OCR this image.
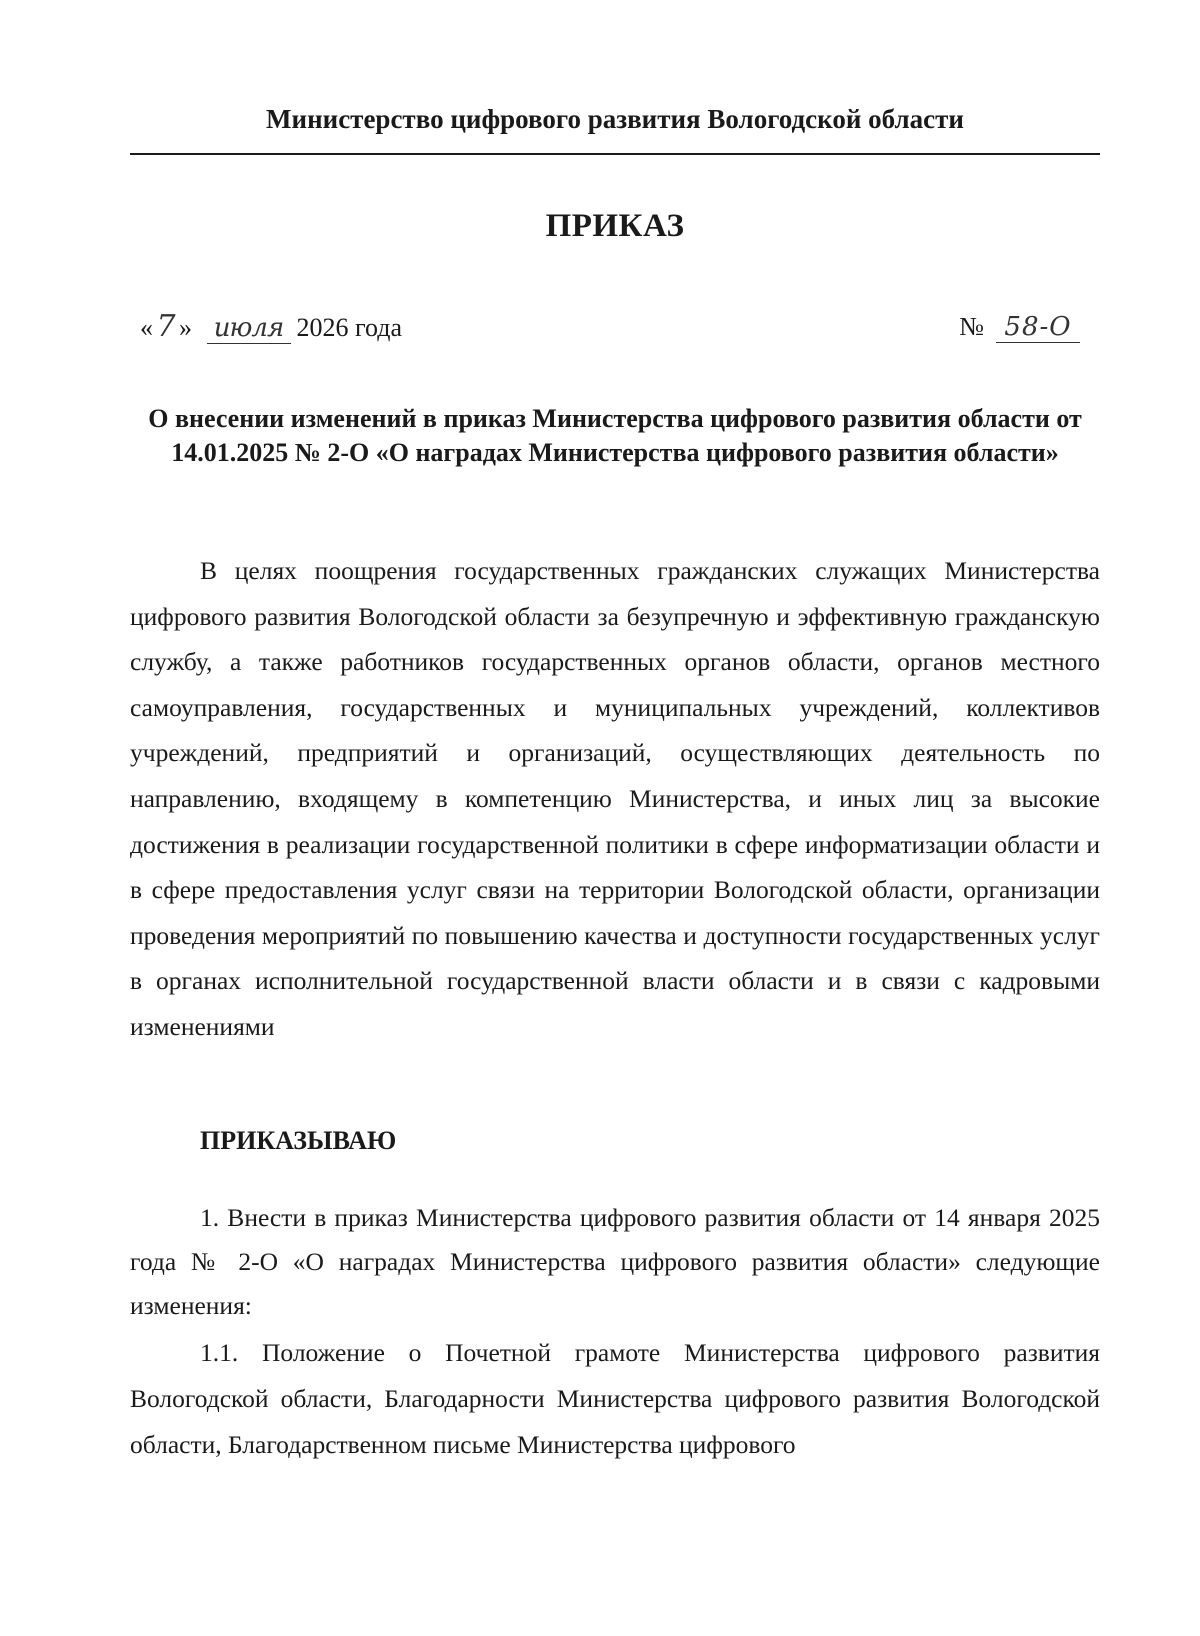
Министерство цифрового развития Вологодской области
ПРИКАЗ
« 7 » июля 2026 года	№ 58-О
О внесении изменений в приказ Министерства цифрового развития области от 14.01.2025 № 2-О «О наградах Министерства цифрового развития области»

В целях поощрения государственных гражданских служащих Министерства цифрового развития Вологодской области за безупречную и эффективную гражданскую службу, а также работников государственных органов области, органов местного самоуправления, государственных и муниципальных учреждений, коллективов учреждений, предприятий и организаций, осуществляющих деятельность по направлению, входящему в компетенцию Министерства, и иных лиц за высокие достижения в реализации государственной политики в сфере информатизации области и в сфере предоставления услуг связи на территории Вологодской области, организации проведения мероприятий по повышению качества и доступности государственных услуг в органах исполнительной государственной власти области и в связи с кадровыми изменениями

ПРИКАЗЫВАЮ

1. Внести в приказ Министерства цифрового развития области от 14 января 2025 года № 2-О «О наградах Министерства цифрового развития области» следующие изменения:

1.1. Положение о Почетной грамоте Министерства цифрового развития Вологодской области, Благодарности Министерства цифрового развития Вологодской области, Благодарственном письме Министерства цифрового
